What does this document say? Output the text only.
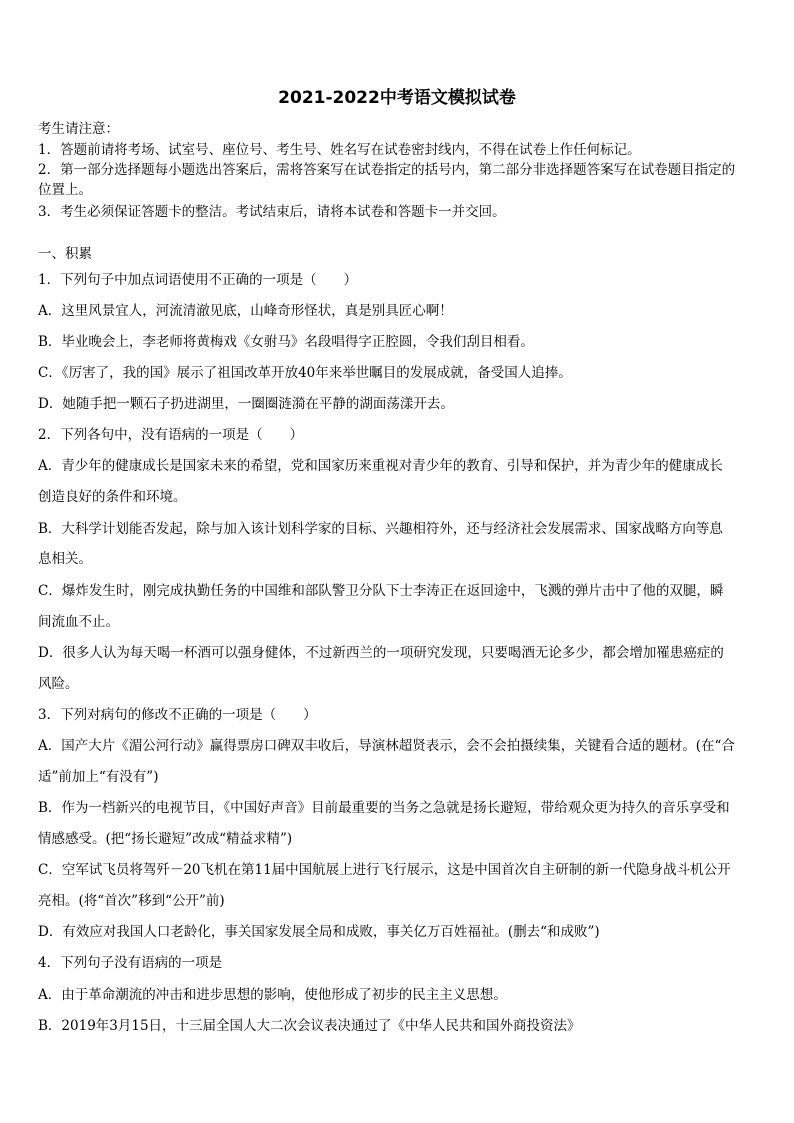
2021-2022中考语文模拟试卷
考生请注意：
1．答题前请将考场、试室号、座位号、考生号、姓名写在试卷密封线内，不得在试卷上作任何标记。
2．第一部分选择题每小题选出答案后，需将答案写在试卷指定的括号内，第二部分非选择题答案写在试卷题目指定的
位置上。
3．考生必须保证答题卡的整洁。考试结束后，请将本试卷和答题卡一并交回。
一、积累
1．下列句子中加点词语使用不正确的一项是（　　）
A．这里风景宜人，河流清澈见底，山峰奇形怪状，真是别具匠心啊！
B．毕业晚会上，李老师将黄梅戏《女驸马》名段唱得字正腔圆，令我们刮目相看。
C．《厉害了，我的国》展示了祖国改革开放40年来举世瞩目的发展成就，备受国人追捧。
D．她随手把一颗石子扔进湖里，一圈圈涟漪在平静的湖面荡漾开去。
2．下列各句中，没有语病的一项是（　　）
A．青少年的健康成长是国家未来的希望，党和国家历来重视对青少年的教育、引导和保护，并为青少年的健康成长
创造良好的条件和环境。
B．大科学计划能否发起，除与加入该计划科学家的目标、兴趣相符外，还与经济社会发展需求、国家战略方向等息
息相关。
C．爆炸发生时，刚完成执勤任务的中国维和部队警卫分队下士李涛正在返回途中，飞溅的弹片击中了他的双腿，瞬
间流血不止。
D．很多人认为每天喝一杯酒可以强身健体，不过新西兰的一项研究发现，只要喝酒无论多少，都会增加罹患癌症的
风险。
3．下列对病句的修改不正确的一项是（　　）
A．国产大片《湄公河行动》赢得票房口碑双丰收后，导演林超贤表示，会不会拍摄续集，关键看合适的题材。(在“合
适”前加上“有没有”)
B．作为一档新兴的电视节目，《中国好声音》目前最重要的当务之急就是扬长避短，带给观众更为持久的音乐享受和
情感感受。(把“扬长避短”改成“精益求精”)
C．空军试飞员将驾歼－20飞机在第11届中国航展上进行飞行展示，这是中国首次自主研制的新一代隐身战斗机公开
亮相。(将“首次”移到“公开”前)
D．有效应对我国人口老龄化，事关国家发展全局和成败，事关亿万百姓福祉。(删去“和成败”)
4．下列句子没有语病的一项是
A．由于革命潮流的冲击和进步思想的影响，使他形成了初步的民主主义思想。
B．2019年3月15日，十三届全国人大二次会议表决通过了《中华人民共和国外商投资法》
